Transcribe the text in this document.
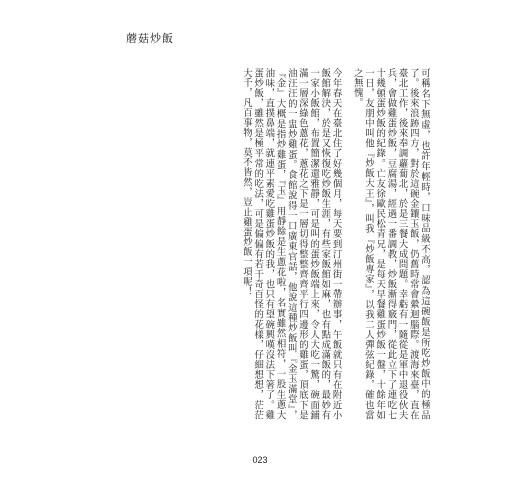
蘑菇炒飯

可稱名下無虛，也許年輕時，口味品級不高，認為這碗飯是所吃炒飯中的極品了。後來浪跡四方，對於這碗金鑲玉飯，仍舊時常會縈迴腦際。渡海來臺，直在臺北工作，後來奉調蘿蔔北，於是三餐大成問題。幸虧有一隨從是軍中退役伙夫兵，會做雞蛋炒飯，豆腐湯，經過一番調教，炒飯漸得竅門，從此立下了連吃七十幾頓蛋炒飯的紀錄。亡友徐歐民松青兄，是每天早餐雞蛋炒飯一盤，十餘年如一日，友朋中叫他『炒飯大王』，叫我『炒飯專家』，以我二人彈弦紀錄，確也當之無愧。

今年春天在臺北住了好幾個月，每天要到汀州街一帶辦事，午飯就只有在附近小飯館解決，於是又恢復吃炒飯生涯，有些家飯館如麻，也有點成滿飯的，最妙有一家小飯館，布置簡潔還雅靜，可是叫的蛋炒飯端上來，令人大吃一驚，碗面鋪滿一層深綠色蔥花，蔥花之下是一層切得整整齊齊平行四邊形的雞蛋，頂底下是油汪汪的一盅炒雞蛋。食館說得一口廣東官話，他說這種炒飯叫『金玉滿堂』，『金』大概是指炒雞蛋，『玉』用靜餘是生蔥花啦，名實雖然相符，一股生蔥大油味，直撲鼻端，就連平素愛吃雞蛋炒飯的我，也只有望碗興嘆沒法下箸了。雞蛋炒飯，雖然是極平常的吃法，可是偏偏有若干奇百怪的花樣，仔細想想，茫茫大千，凡百事物，莫不皆然，豈止雞蛋炒飯一項呢！

023
